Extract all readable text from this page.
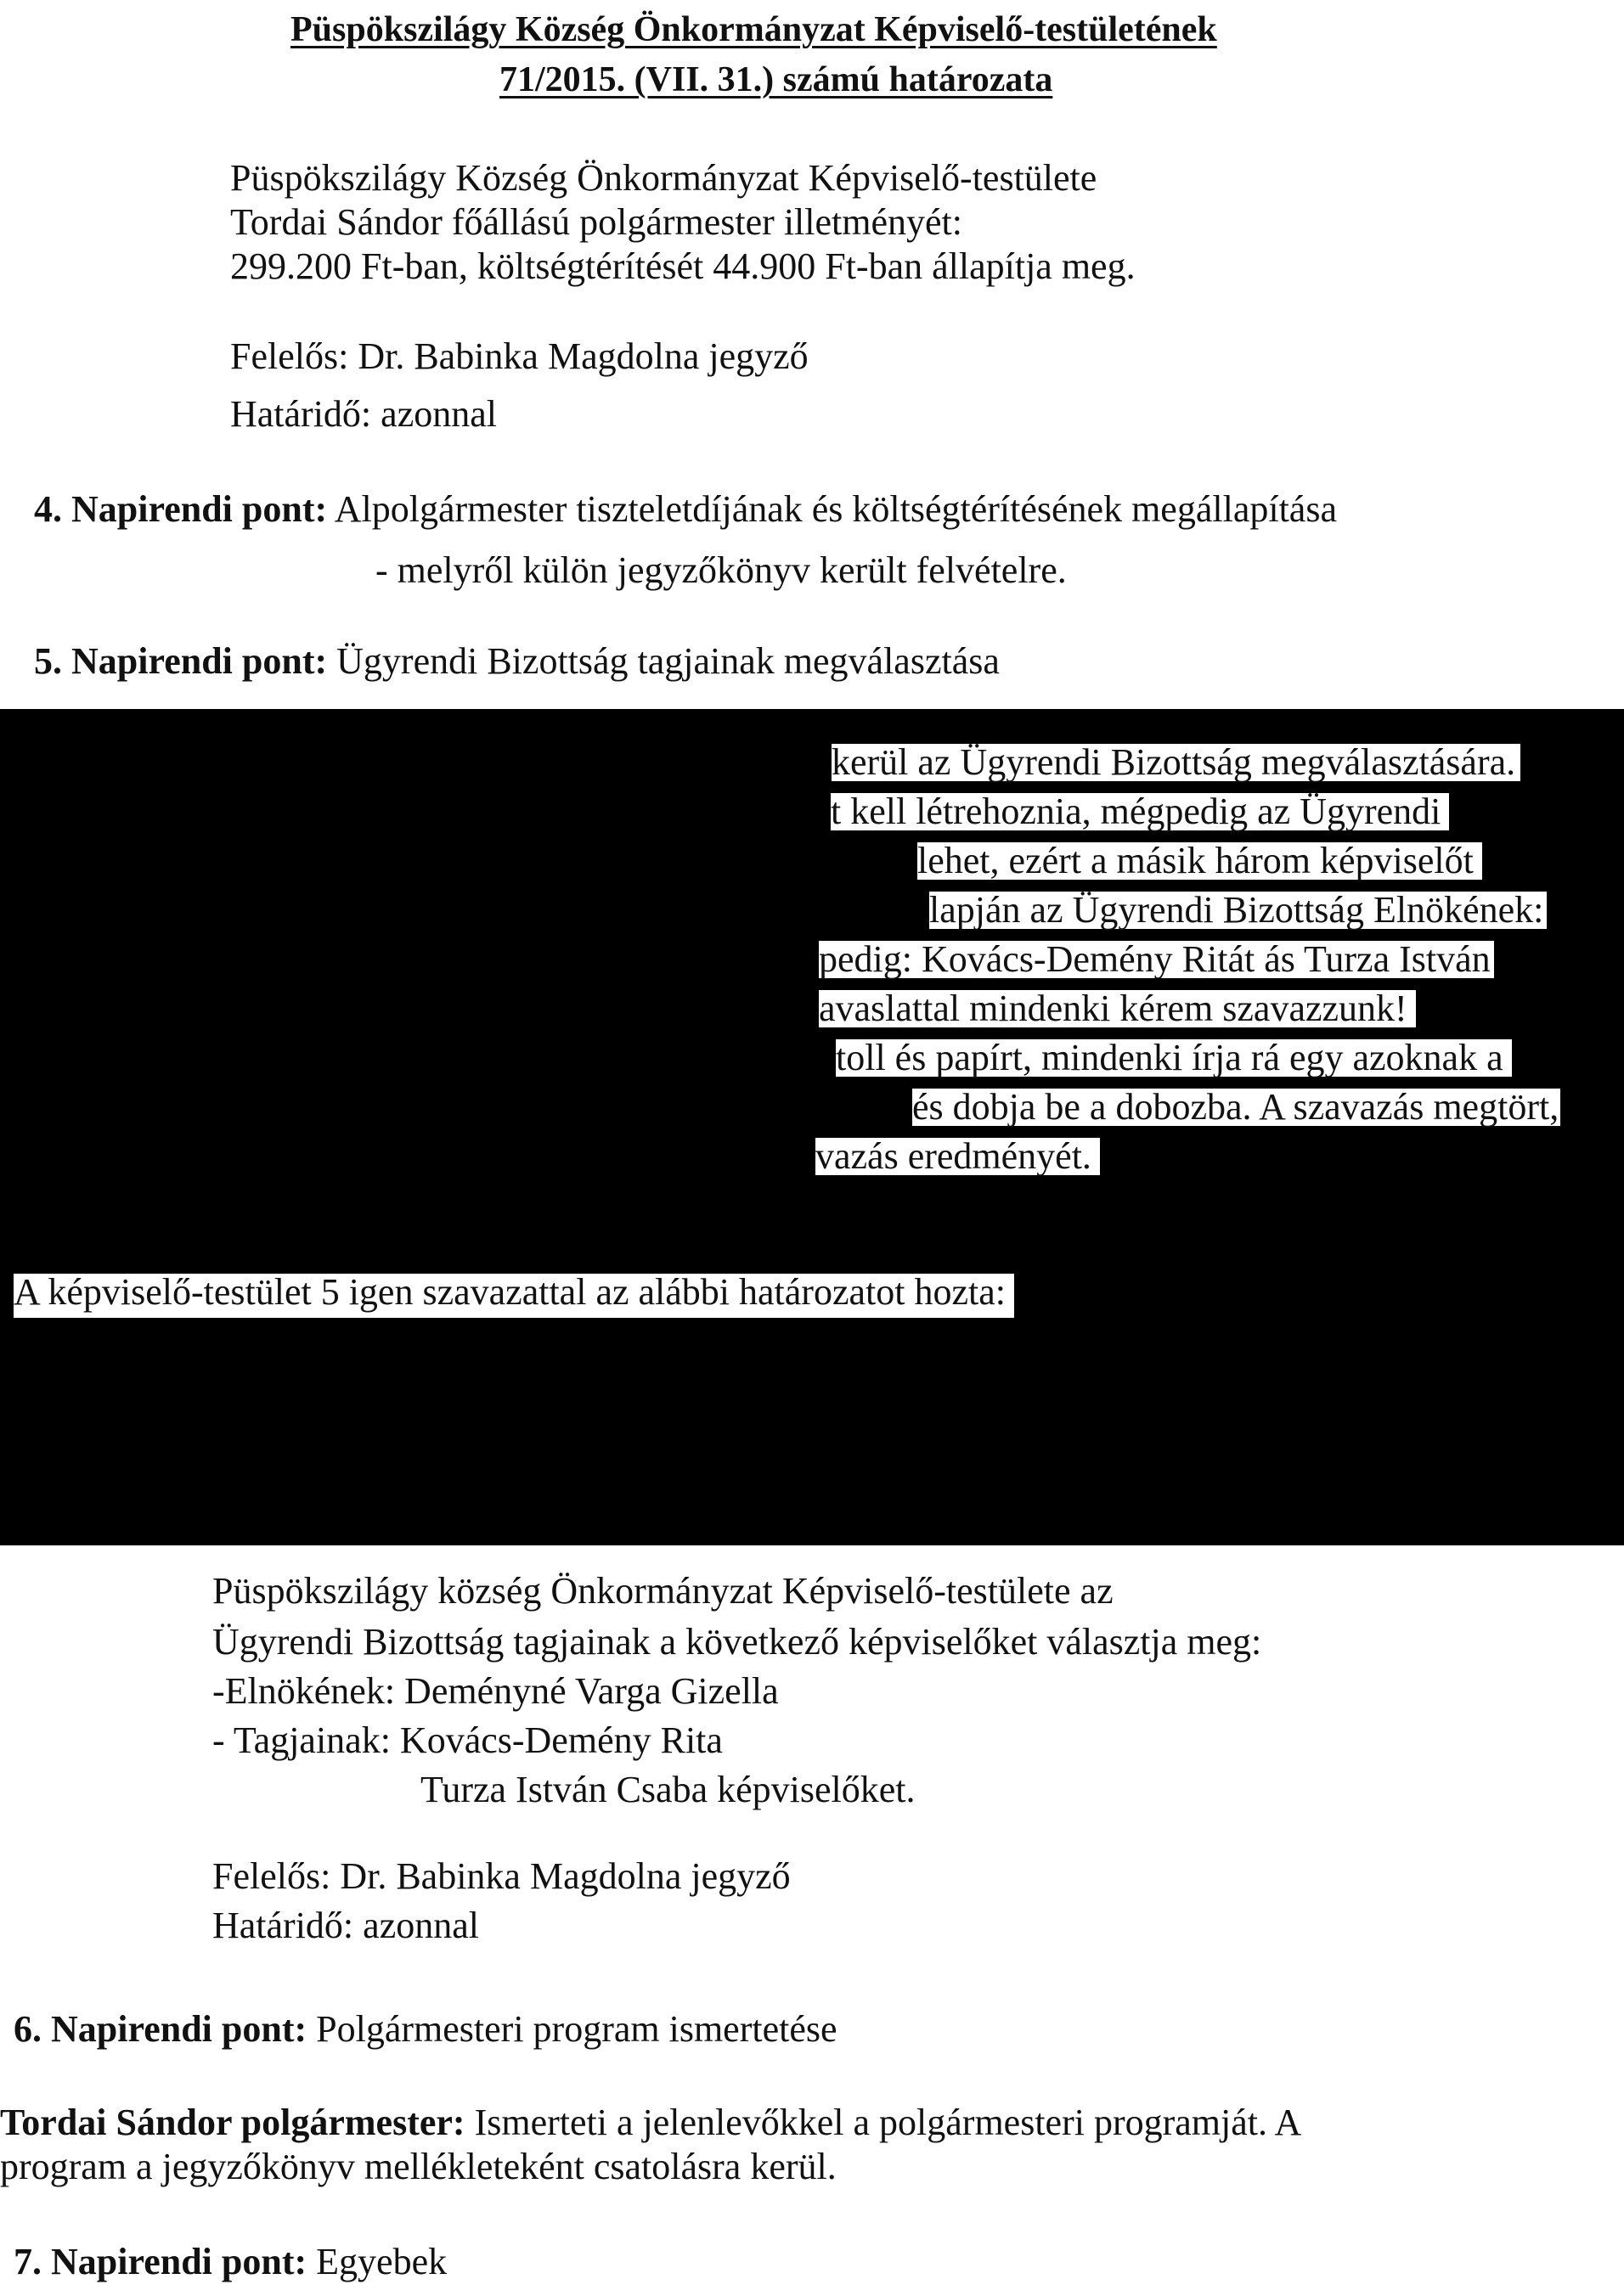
Püspökszilágy Község Önkormányzat Képviselő-testületének
71/2015. (VII. 31.) számú határozata
Püspökszilágy Község Önkormányzat Képviselő-testülete
Tordai Sándor főállású polgármester illetményét:
299.200 Ft-ban, költségtérítését 44.900 Ft-ban állapítja meg.
Felelős: Dr. Babinka Magdolna jegyző
Határidő: azonnal
4. Napirendi pont: Alpolgármester tiszteletdíjának és költségtérítésének megállapítása
- melyről külön jegyzőkönyv került felvételre.
5. Napirendi pont: Ügyrendi Bizottság tagjainak megválasztása
kerül az Ügyrendi Bizottság megválasztására.
t kell létrehoznia, mégpedig az Ügyrendi
lehet, ezért a másik három képviselőt
lapján az Ügyrendi Bizottság Elnökének:
pedig: Kovács-Demény Ritát ás Turza István
avaslattal mindenki kérem szavazzunk!
toll és papírt, mindenki írja rá egy azoknak a
és dobja be a dobozba. A szavazás megtört,
vazás eredményét.
A képviselő-testület 5 igen szavazattal az alábbi határozatot hozta:
Püspökszilágy község Önkormányzat Képviselő-testülete az
Ügyrendi Bizottság tagjainak a következő képviselőket választja meg:
-Elnökének: Deményné Varga Gizella
- Tagjainak: Kovács-Demény Rita
Turza István Csaba képviselőket.
Felelős: Dr. Babinka Magdolna jegyző
Határidő: azonnal
6. Napirendi pont: Polgármesteri program ismertetése
Tordai Sándor polgármester: Ismerteti a jelenlevőkkel a polgármesteri programját. A
program a jegyzőkönyv mellékleteként csatolásra kerül.
7. Napirendi pont: Egyebek
